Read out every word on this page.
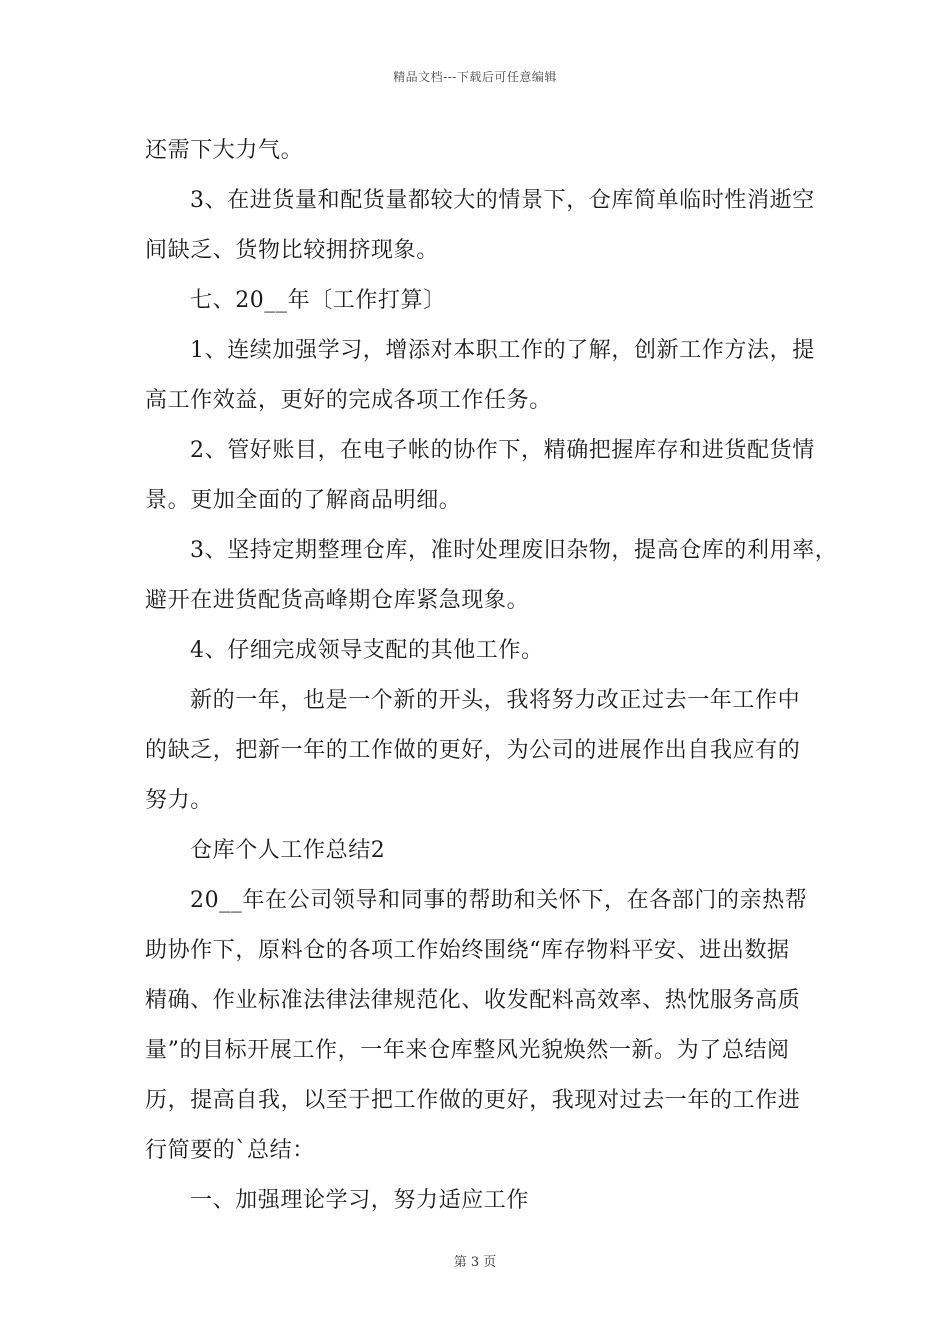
精品文档---下载后可任意编辑
还需下大力气。
3、在进货量和配货量都较大的情景下，仓库简单临时性消逝空
间缺乏、货物比较拥挤现象。
七、20__年〔工作打算〕
1、连续加强学习，增添对本职工作的了解，创新工作方法，提
高工作效益，更好的完成各项工作任务。
2、管好账目，在电子帐的协作下，精确把握库存和进货配货情
景。更加全面的了解商品明细。
3、坚持定期整理仓库，准时处理废旧杂物，提高仓库的利用率，
避开在进货配货高峰期仓库紧急现象。
4、仔细完成领导支配的其他工作。
新的一年，也是一个新的开头，我将努力改正过去一年工作中
的缺乏，把新一年的工作做的更好，为公司的进展作出自我应有的
努力。
仓库个人工作总结2
20__年在公司领导和同事的帮助和关怀下，在各部门的亲热帮
助协作下，原料仓的各项工作始终围绕“库存物料平安、进出数据
精确、作业标准法律法律规范化、收发配料高效率、热忱服务高质
量”的目标开展工作，一年来仓库整风光貌焕然一新。为了总结阅
历，提高自我，以至于把工作做的更好，我现对过去一年的工作进
行简要的`总结：
一、加强理论学习，努力适应工作
第 3 页
